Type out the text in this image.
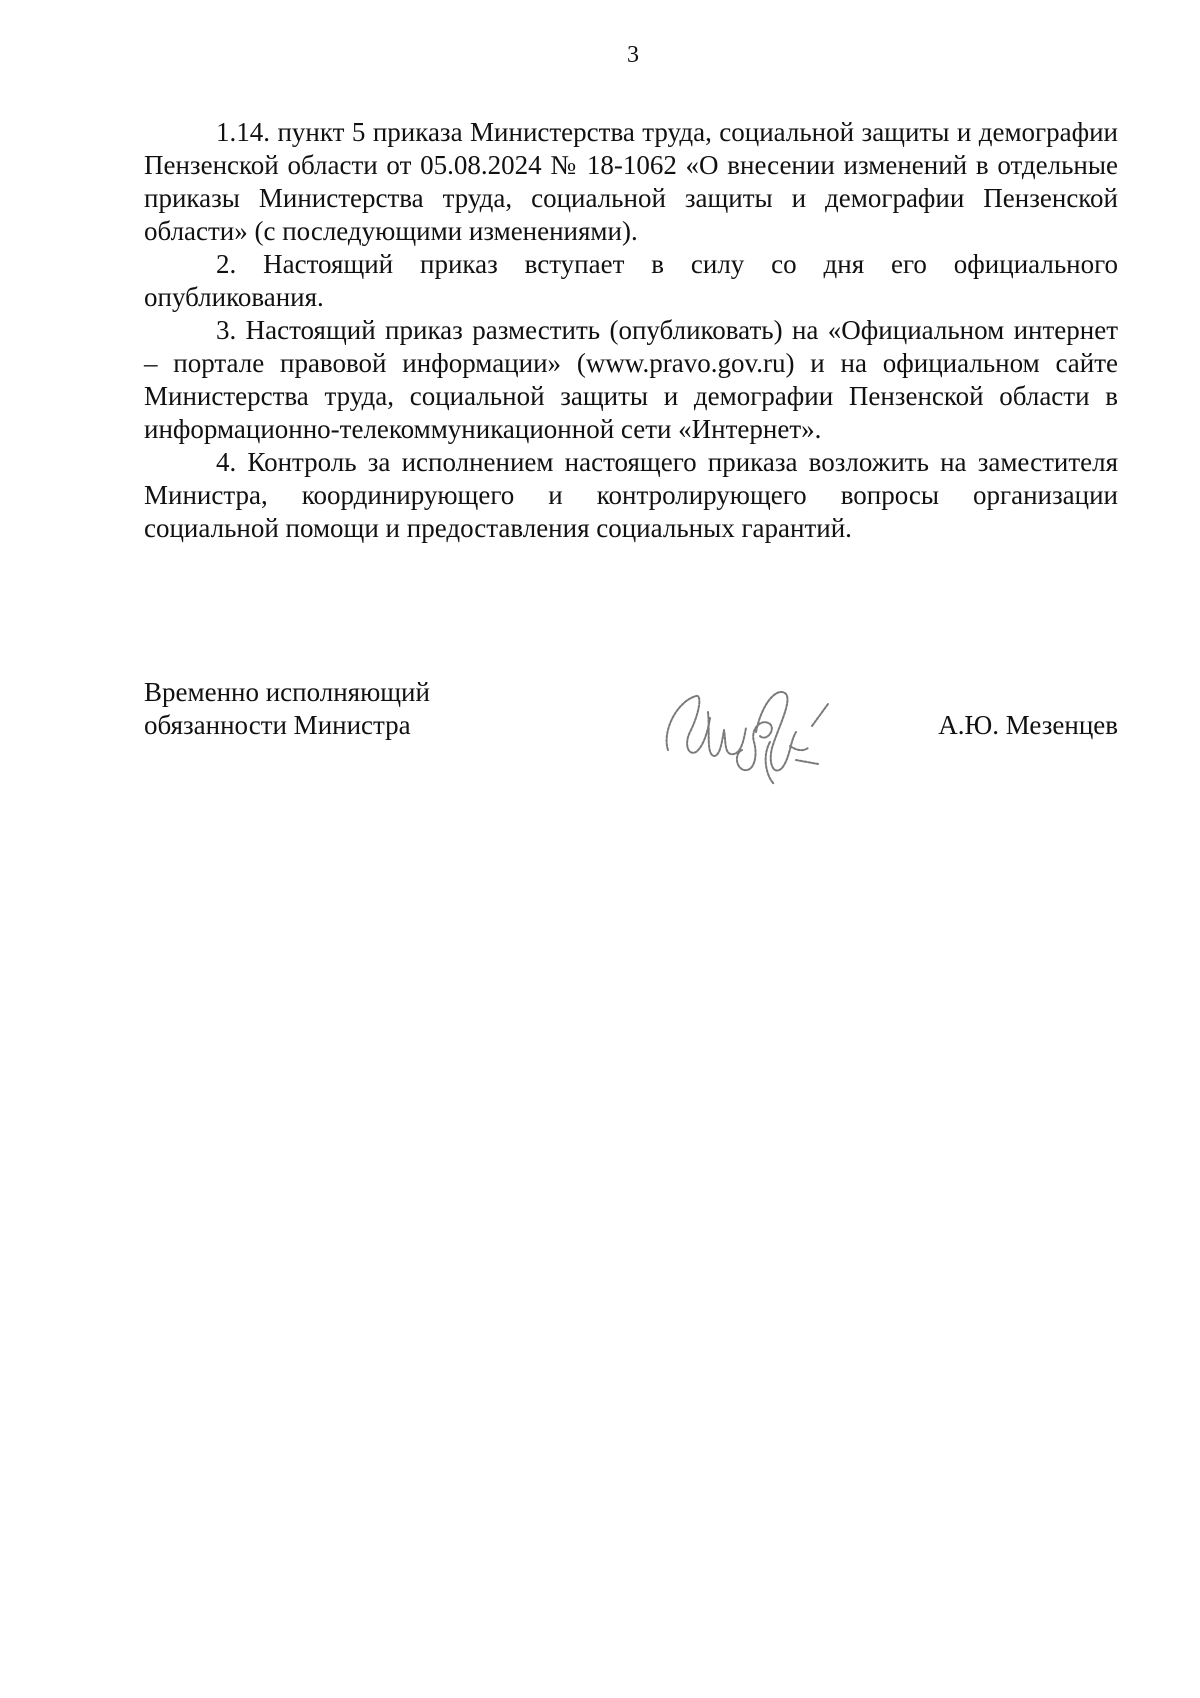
3

1.14. пункт 5 приказа Министерства труда, социальной защиты и демографии Пензенской области от 05.08.2024 № 18-1062 «О внесении изменений в отдельные приказы Министерства труда, социальной защиты и демографии Пензенской области» (с последующими изменениями).

2. Настоящий приказ вступает в силу со дня его официального опубликования.

3. Настоящий приказ разместить (опубликовать) на «Официальном интернет – портале правовой информации» (www.pravo.gov.ru) и на официальном сайте Министерства труда, социальной защиты и демографии Пензенской области в информационно-телекоммуникационной сети «Интернет».

4. Контроль за исполнением настоящего приказа возложить на заместителя Министра, координирующего и контролирующего вопросы организации социальной помощи и предоставления социальных гарантий.

Временно исполняющий
обязанности Министра	А.Ю. Мезенцев
